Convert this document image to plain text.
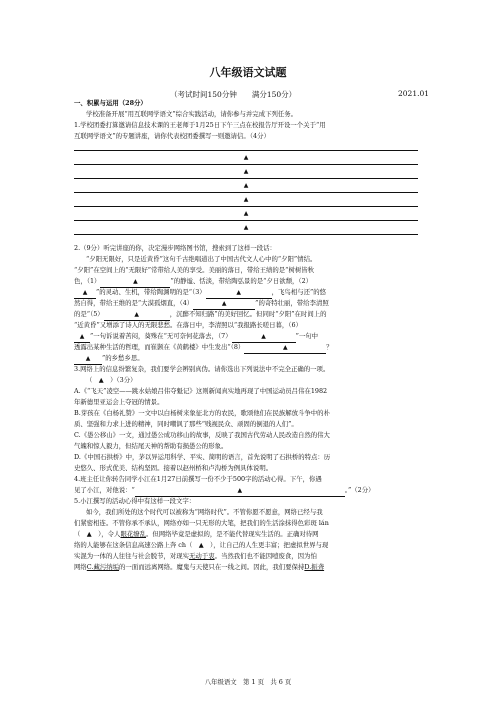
八年级语文试题
（考试时间150分钟　　满分150分）	2021.01
一、积累与运用（28分）
学校准备开展“用互联网学语文”综合实践活动，请你参与并完成下列任务。
1.学校团委打算邀请信息技术课的王老师于1月25日下午三点在校报告厅开设一个关于“用
互联网学语文”的专题讲座，请你代表校团委撰写一则邀请信。（4分）
▲
▲
▲
▲
▲
▲
2.（9分）听完讲座的你，决定漫步网络图书馆，搜索到了这样一段话：
“夕阳无限好，只是近黄昏”这句千古绝唱道出了中国古代文人心中的“夕阳”情结。
“夕阳”在空间上的“无限好”常带给人美的享受。美丽的落日，带给王绩的是“树树皆秋
色，（1）	▲	”的静谧、恬淡，带给陶弘景的是“夕日欲颓，（2）
▲ ”的灵动、生机，带给陶渊明的是“（3）	▲	，飞鸟相与还”的悠
然自得，带给王维的是“大漠孤烟直，（4）	▲	”的奇特壮丽，带给李清照
的是“（5）	▲	，沉醉不知归路”的美好回忆。但同时“夕阳”在时间上的
“近黄昏”又增添了诗人的无限悲愁。在落日中，李清照以“我报路长嗟日暮，（6）
▲ ”一句诉说着苦闷，葵殊在“无可奈何花落去，（7）	▲	”一句中
透露出某种生活的哲理，而崔颢在《黄鹤楼》中生发出“（8）	▲	？
▲ ”的乡愁乡思。
3.网络上的信息纷繁复杂，我们要学会辨别真伪。请你选出下列说法中不完全正确的一项。
（　▲　）（3分）
A.《“飞天”凌空——跳水姑娘吕伟夺魁记》这则新闻真实地再现了中国运动员吕伟在1982
年新德里亚运会上夺冠的情景。
B.芽孩在《白杨礼赞》一文中以白杨树来象征北方的农民，歌颂他们在民族解放斗争中的朴
质、坚强和力求上进的精神，同时嘲讽了那些“贱视民众、顽固的倒退的人们”。
C.《愚公移山》一文，通过愚公成功移山的故事，反映了我国古代劳动人民改造自然的伟大
气魄和惊人毅力，但结尾天神的帮助有损愚公的形象。
D.《中国石拱桥》中，茅以异运用科学、平实、简明的语言，首先说明了石拱桥的特点：历
史悠久、形式优美、结构坚固。接着以赵州桥和卢沟桥为例具体说明。
4.班主任让你转告同学小江在1月27日前撰写一份不少于500字的活动心得。下午，你遇
见了小江，对他说：“	▲	。”（2分）
5.小江撰写的活动心得中有这样一段文字：
如今，我们所处的这个时代可以被称为“网络时代”。不管你愿不愿意，网络已经与我
们紧密相连。不管你承不承认，网络亦如一只无形的大笔，把我们的生活涂抹得色彩斑 lán
（　▲　），令人眼花缭乱。但网络毕竟是虚拟的，是不能代替现实生活的。正确对待网
络的人能够在这条信息高速公路上奔 ch（　▲　），让自己的人生更丰富；把虚拟世界与现
实混为一体的人往往与社会脱节，对现实无动于衷。当然我们也不能因噎废食，因为怕
网络C.藏污纳垢的一面而远离网络。魔鬼与天使只在一线之间。因此，我们要保持D.振聋
八年级语文　第 1 页　共 6 页
